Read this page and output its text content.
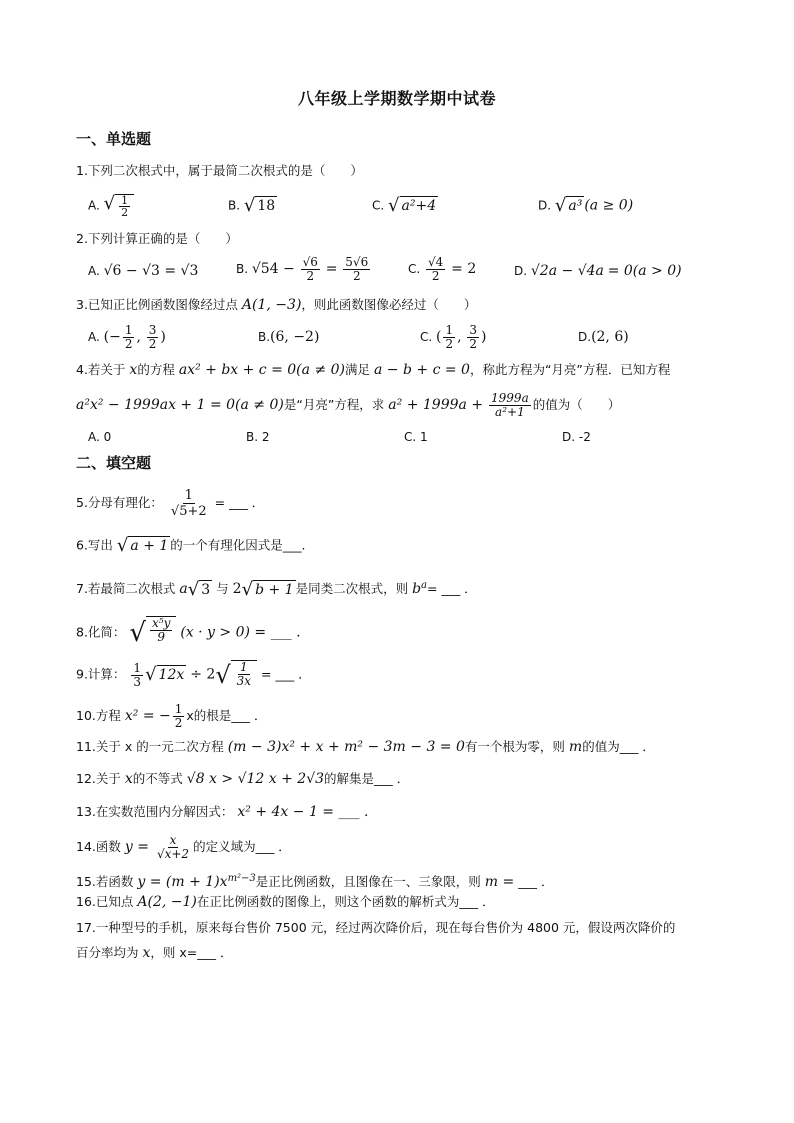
八年级上学期数学期中试卷
一、单选题
1.下列二次根式中，属于最简二次根式的是（　　）
A. √ $\frac{1}{2}$	B. √ 18	C. √ a²+4	D. √ a³ (a ≥ 0)
2.下列计算正确的是（　　）
A. √6 − √3 = √3	B. $√54 - \frac{√6}{2} = \frac{5√6}{2}$	C. $\frac{√4}{2} = 2$	D. √2a − √4a = 0(a > 0)
3.已知正比例函数图像经过点 A(1, −3)，则此函数图像必经过（　　）
A. (− $\frac{1}{2}$ , $\frac{3}{2}$ )	B.(6, −2)	C. ( $\frac{1}{2}$ , $\frac{3}{2}$ )	D.(2, 6)
4.若关于 x的方程 ax² + bx + c = 0(a ≠ 0)满足 a − b + c = 0，称此方程为“月亮”方程．已知方程
a²x² − 1999ax + 1 = 0(a ≠ 0)是“月亮”方程，求 $a^2 + 1999a + \frac{1999a}{\text{a²+1}}$ 的值为（　　）
A. 0	B. 2	C. 1	D. -2
二、填空题
5.分母有理化： $\frac{1}{√5+2}$ = ___ ．
6.写出 √ a + 1 的一个有理化因式是___.
7.若最简二次根式 a √ 3 与 2 √ b + 1 是同类二次根式，则 $b^a=$ ___ ．
8.化简： √ $\frac{\text{x⁵y}}{9} (x \cdot y > 0)$ = ___ ．
9.计算： $\frac{1}{3}$ √ 12x ÷ 2 √ $\frac{1}{3x}$ = ___ ．
10.方程 x² = − $\frac{1}{2}$ x的根是___ ．
11.关于 x 的一元二次方程 (m − 3)x² + x + m² − 3m − 3 = 0有一个根为零，则 m的值为___ ．
12.关于 x的不等式 √8 x > √12 x + 2√3的解集是___ ．
13.在实数范围内分解因式： x² + 4x − 1 = ___ ．
14.函数 $y = \frac{x}{√x+2}$ 的定义域为___ ．
15.若函数 $y = (m + 1)x^{m^2-3}$是正比例函数，且图像在一、三象限，则 m = ___ ．
16.已知点 A(2, −1)在正比例函数的图像上，则这个函数的解析式为___ ．
17.一种型号的手机，原来每台售价 7500 元，经过两次降价后，现在每台售价为 4800 元，假设两次降价的
百分率均为 x，则 x=___ ．
